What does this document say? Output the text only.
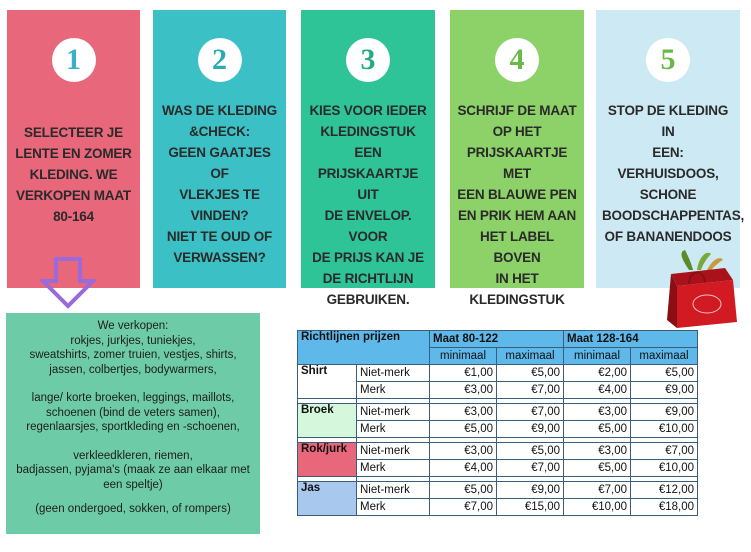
1
SELECTEER JE
LENTE EN ZOMER
KLEDING. WE
VERKOPEN MAAT
80-164
2
WAS DE KLEDING
&CHECK:
GEEN GAATJES OF
VLEKJES TE VINDEN?
NIET TE OUD OF
VERWASSEN?
3
KIES VOOR IEDER
KLEDINGSTUK EEN
PRIJSKAARTJE UIT
DE ENVELOP. VOOR
DE PRIJS KAN JE
DE RICHTLIJN
GEBRUIKEN.
4
SCHRIJF DE MAAT
OP HET
PRIJSKAARTJE MET
EEN BLAUWE PEN
EN PRIK HEM AAN
HET LABEL BOVEN
IN HET
KLEDINGSTUK
5
STOP DE KLEDING IN
EEN:
VERHUISDOOS,
SCHONE
BOODSCHAPPENTAS,
OF BANANENDOOS
We verkopen:
rokjes, jurkjes, tuniekjes,
sweatshirts, zomer truien, vestjes, shirts,
jassen, colbertjes, bodywarmers,
lange/ korte broeken, leggings, maillots,
schoenen (bind de veters samen),
regenlaarsjes, sportkleding en -schoenen,
verkleedkleren, riemen,
badjassen, pyjama's (maak ze aan elkaar met
een speltje)
(geen ondergoed, sokken, of rompers)
Richtlijnen prijzen		Maat 80-122		Maat 128-164	
		minimaal	maximaal	minimaal	maximaal
Shirt	Niet-merk	€1,00	€5,00	€2,00	€5,00
	Merk	€3,00	€7,00	€4,00	€9,00

Broek	Niet-merk	€3,00	€7,00	€3,00	€9,00
	Merk	€5,00	€9,00	€5,00	€10,00

Rok/jurk	Niet-merk	€3,00	€5,00	€3,00	€7,00
	Merk	€4,00	€7,00	€5,00	€10,00

Jas	Niet-merk	€5,00	€9,00	€7,00	€12,00
	Merk	€7,00	€15,00	€10,00	€18,00
